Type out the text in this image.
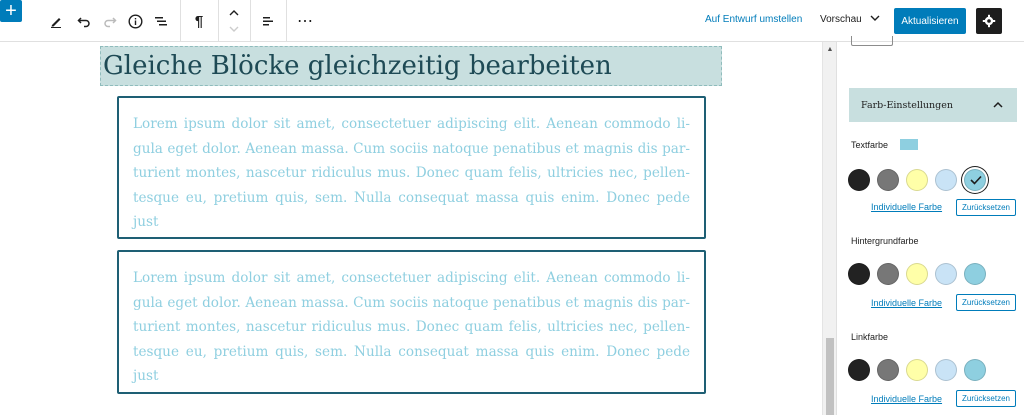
+	¶	⋯	Auf Entwurf umstellen Vorschau	Aktualisieren
Gleiche Blöcke gleichzeitig bearbeiten

Lorem ipsum dolor sit amet, consectetuer adipiscing elit. Aenean commodo ligula eget dolor. Aenean massa. Cum sociis natoque penatibus et magnis dis parturient montes, nascetur ridiculus mus. Donec quam felis, ultricies nec, pellentesque eu, pretium quis, sem. Nulla consequat massa quis enim. Donec pede just

Lorem ipsum dolor sit amet, consectetuer adipiscing elit. Aenean commodo ligula eget dolor. Aenean massa. Cum sociis natoque penatibus et magnis dis parturient montes, nascetur ridiculus mus. Donec quam felis, ultricies nec, pellentesque eu, pretium quis, sem. Nulla consequat massa quis enim. Donec pede just

▲
Farb-Einstellungen
Textfarbe
Individuelle Farbe	Zurücksetzen
Hintergrundfarbe
Individuelle Farbe	Zurücksetzen
Linkfarbe
Individuelle Farbe	Zurücksetzen
